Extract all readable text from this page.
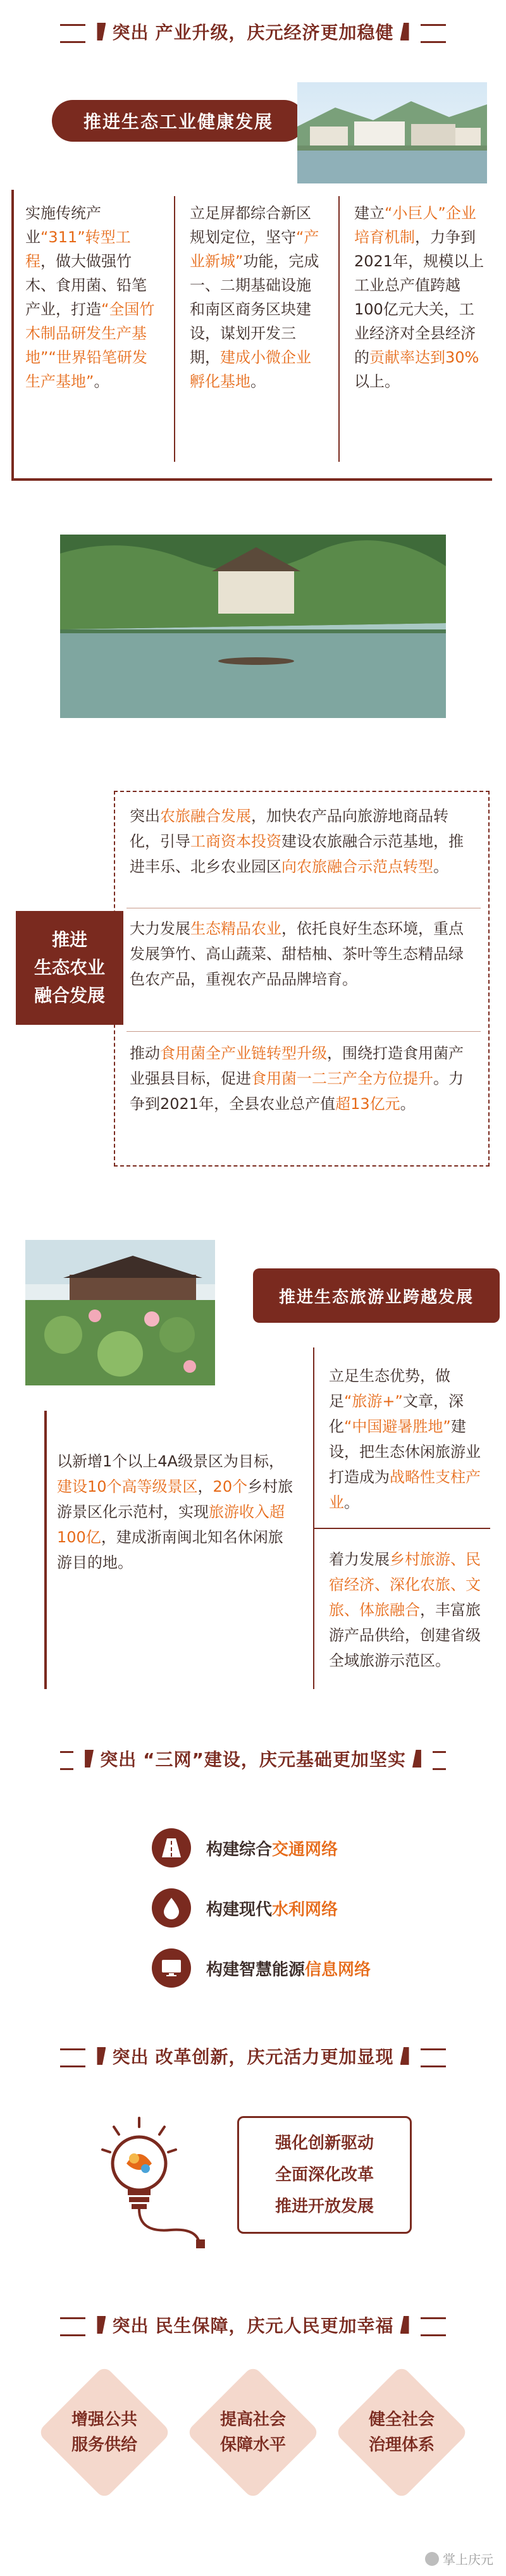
突出 产业升级，庆元经济更加稳健
推进生态工业健康发展
实施传统产业“311”转型工程，做大做强竹木、食用菌、铅笔产业，打造“全国竹木制品研发生产基地”“世界铅笔研发生产基地”。
立足屏都综合新区规划定位，坚守“产业新城”功能，完成一、二期基础设施和南区商务区块建设，谋划开发三期，建成小微企业孵化基地。
建立“小巨人”企业培育机制，力争到2021年，规模以上工业总产值跨越100亿元大关，工业经济对全县经济的贡献率达到30%以上。
推进
生态农业
融合发展
突出农旅融合发展，加快农产品向旅游地商品转化，引导工商资本投资建设农旅融合示范基地，推进丰乐、北乡农业园区向农旅融合示范点转型。
大力发展生态精品农业，依托良好生态环境，重点发展笋竹、高山蔬菜、甜桔柚、茶叶等生态精品绿色农产品，重视农产品品牌培育。
推动食用菌全产业链转型升级，围绕打造食用菌产业强县目标，促进食用菌一二三产全方位提升。力争到2021年，全县农业总产值超13亿元。
推进生态旅游业跨越发展
立足生态优势，做足“旅游+”文章，深化“中国避暑胜地”建设，把生态休闲旅游业打造成为战略性支柱产业。
以新增1个以上4A级景区为目标，建设10个高等级景区，20个乡村旅游景区化示范村，实现旅游收入超100亿，建成浙南闽北知名休闲旅游目的地。	着力发展乡村旅游、民宿经济、深化农旅、文旅、体旅融合，丰富旅游产品供给，创建省级全域旅游示范区。
突出 “三网”建设，庆元基础更加坚实
构建综合交通网络
构建现代水利网络
构建智慧能源信息网络
突出 改革创新，庆元活力更加显现
强化创新驱动
全面深化改革
推进开放发展
突出 民生保障，庆元人民更加幸福
增强公共
服务供给
提高社会
保障水平
健全社会
治理体系
掌上庆元
